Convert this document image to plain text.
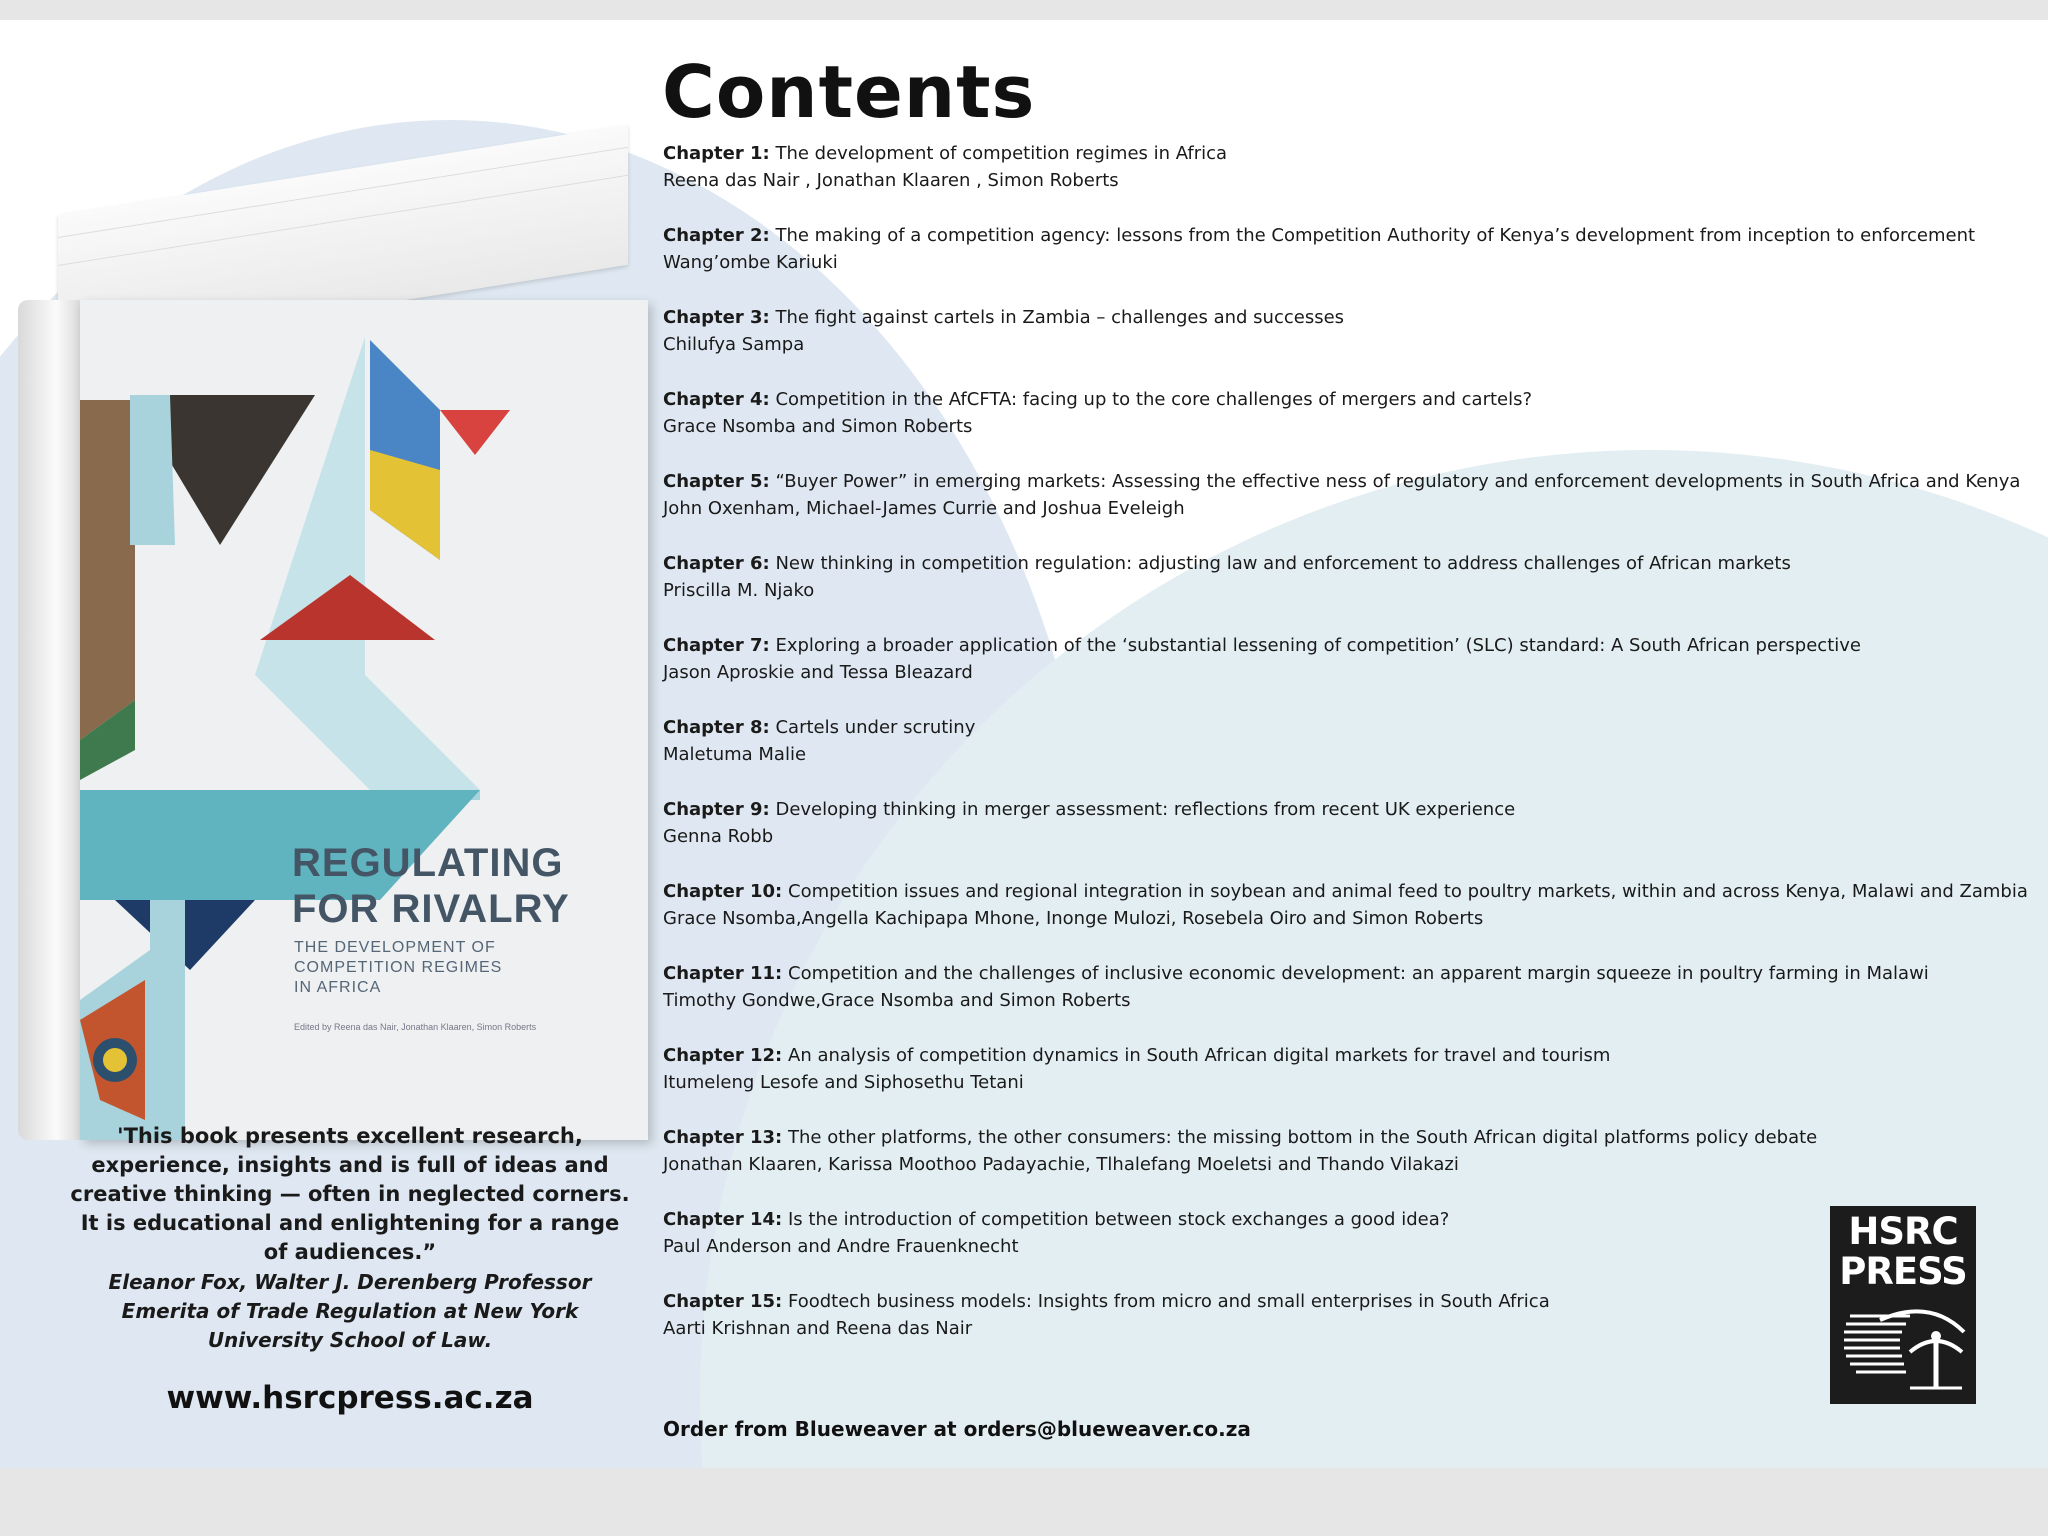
REGULATING
FOR RIVALRY
THE DEVELOPMENT OF
COMPETITION REGIMES
IN AFRICA
Edited by Reena das Nair, Jonathan Klaaren, Simon Roberts
'This book presents excellent research,
experience, insights and is full of ideas and
creative thinking — often in neglected corners.
It is educational and enlightening for a range
of audiences.”
Eleanor Fox, Walter J. Derenberg Professor
Emerita of Trade Regulation at New York
University School of Law.
www.hsrcpress.ac.za
Contents
Chapter 1: The development of competition regimes in Africa
Reena das Nair , Jonathan Klaaren , Simon Roberts
Chapter 2: The making of a competition agency: lessons from the Competition Authority of Kenya’s development from inception to enforcement
Wang’ombe Kariuki
Chapter 3: The fight against cartels in Zambia – challenges and successes
Chilufya Sampa
Chapter 4: Competition in the AfCFTA: facing up to the core challenges of mergers and cartels?
Grace Nsomba and Simon Roberts
Chapter 5: “Buyer Power” in emerging markets: Assessing the effective ness of regulatory and enforcement developments in South Africa and Kenya
John Oxenham, Michael-James Currie and Joshua Eveleigh
Chapter 6: New thinking in competition regulation: adjusting law and enforcement to address challenges of African markets
Priscilla M. Njako
Chapter 7: Exploring a broader application of the ‘substantial lessening of competition’ (SLC) standard: A South African perspective
Jason Aproskie and Tessa Bleazard
Chapter 8: Cartels under scrutiny
Maletuma Malie
Chapter 9: Developing thinking in merger assessment: reflections from recent UK experience
Genna Robb
Chapter 10: Competition issues and regional integration in soybean and animal feed to poultry markets, within and across Kenya, Malawi and Zambia
Grace Nsomba,Angella Kachipapa Mhone, Inonge Mulozi, Rosebela Oiro and Simon Roberts
Chapter 11: Competition and the challenges of inclusive economic development: an apparent margin squeeze in poultry farming in Malawi
Timothy Gondwe,Grace Nsomba and Simon Roberts
Chapter 12: An analysis of competition dynamics in South African digital markets for travel and tourism
Itumeleng Lesofe and Siphosethu Tetani
Chapter 13: The other platforms, the other consumers: the missing bottom in the South African digital platforms policy debate
Jonathan Klaaren, Karissa Moothoo Padayachie, Tlhalefang Moeletsi and Thando Vilakazi
Chapter 14: Is the introduction of competition between stock exchanges a good idea?
Paul Anderson and Andre Frauenknecht
Chapter 15: Foodtech business models: Insights from micro and small enterprises in South Africa
Aarti Krishnan and Reena das Nair
Order from Blueweaver at orders@blueweaver.co.za
HSRC
PRESS
